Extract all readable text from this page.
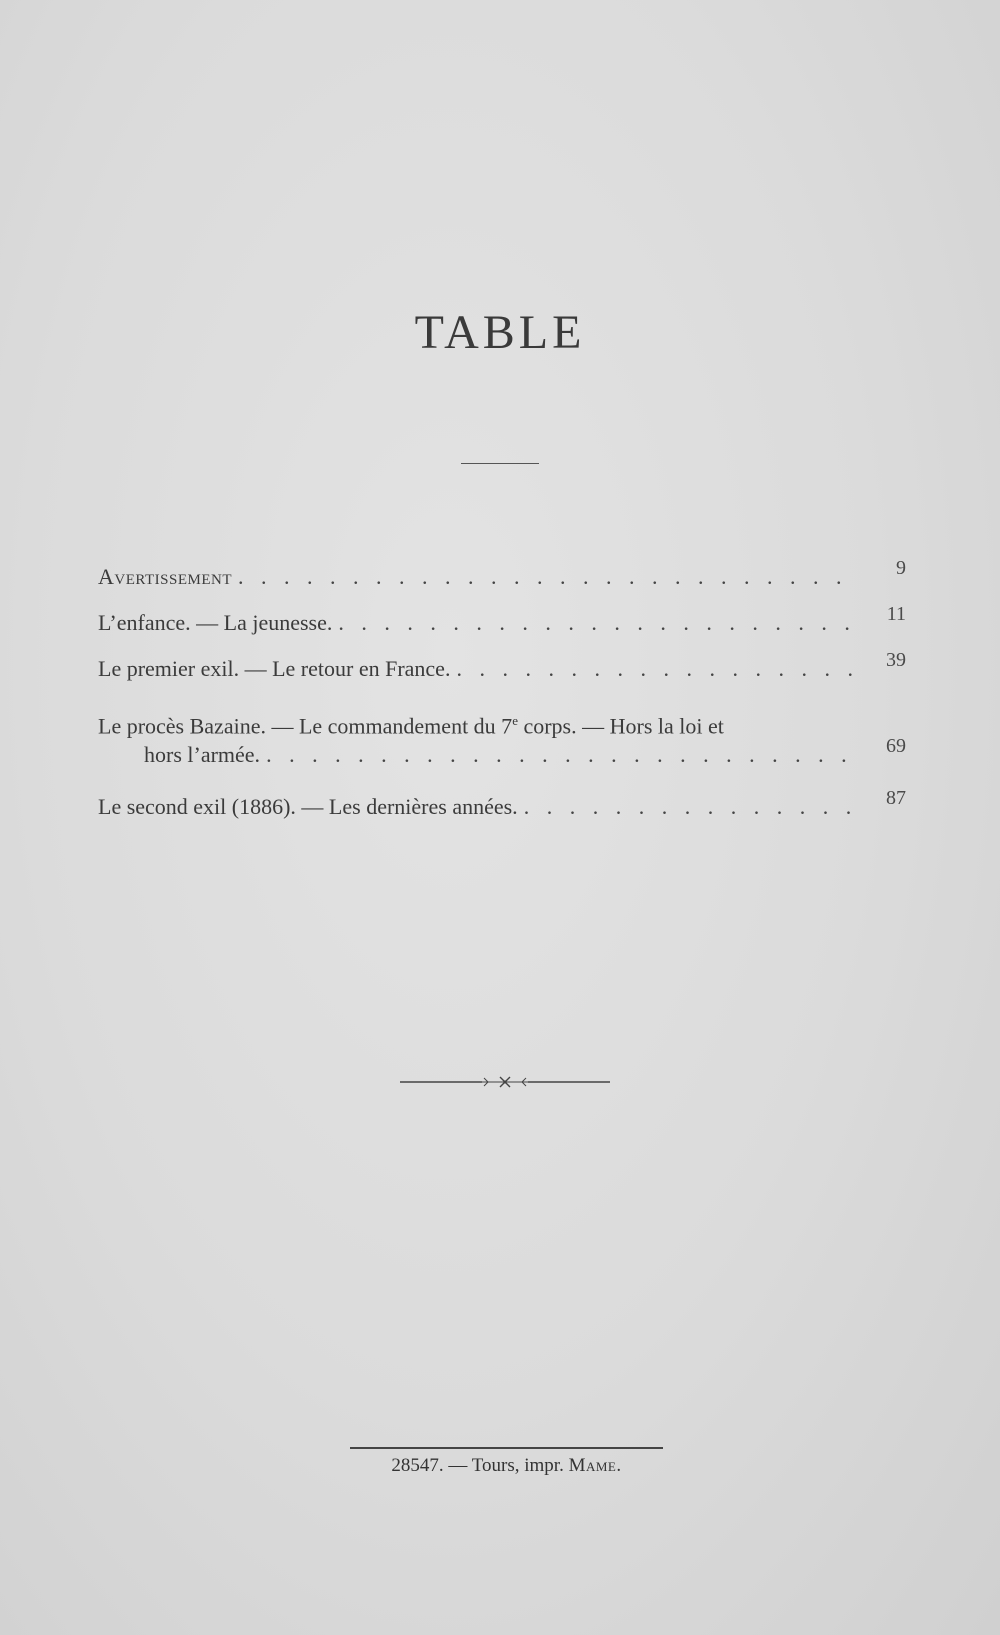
TABLE
Avertissement . . .	9
L’enfance. — La jeunesse. . . .	11
Le premier exil. — Le retour en France. . . .	39
Le procès Bazaine. — Le commandement du 7e corps. — Hors la loi et
hors l’armée. . . .	69
Le second exil (1886). — Les dernières années. . . .	87
28547. — Tours, impr. Mame.
